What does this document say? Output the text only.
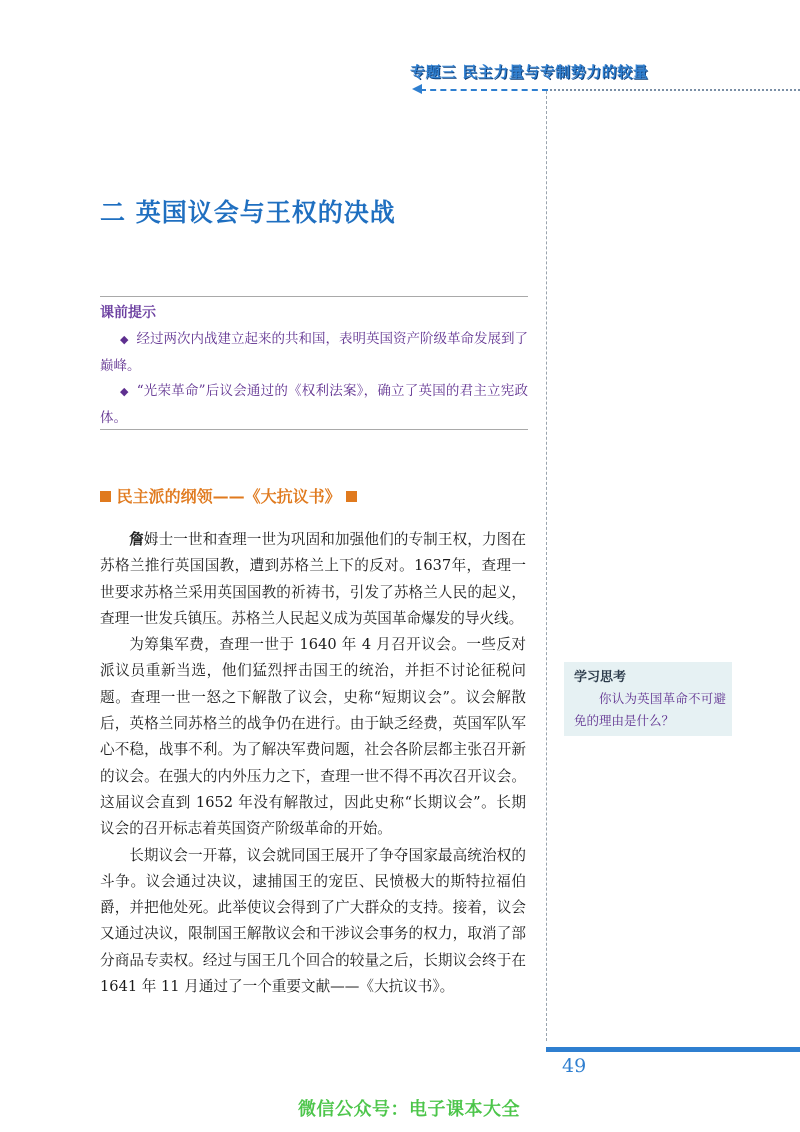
专题三 民主力量与专制势力的较量
二 英国议会与王权的决战
课前提示
◆ 经过两次内战建立起来的共和国，表明英国资产阶级革命发展到了巅峰。
◆ “光荣革命”后议会通过的《权利法案》，确立了英国的君主立宪政体。
民主派的纲领——《大抗议书》

詹姆士一世和查理一世为巩固和加强他们的专制王权，力图在苏格兰推行英国国教，遭到苏格兰上下的反对。1637年，查理一世要求苏格兰采用英国国教的祈祷书，引发了苏格兰人民的起义，查理一世发兵镇压。苏格兰人民起义成为英国革命爆发的导火线。

为筹集军费，查理一世于 1640 年 4 月召开议会。一些反对派议员重新当选，他们猛烈抨击国王的统治，并拒不讨论征税问题。查理一世一怒之下解散了议会，史称“短期议会”。议会解散后，英格兰同苏格兰的战争仍在进行。由于缺乏经费，英国军队军心不稳，战事不利。为了解决军费问题，社会各阶层都主张召开新的议会。在强大的内外压力之下，查理一世不得不再次召开议会。这届议会直到 1652 年没有解散过，因此史称“长期议会”。长期议会的召开标志着英国资产阶级革命的开始。

长期议会一开幕，议会就同国王展开了争夺国家最高统治权的斗争。议会通过决议，逮捕国王的宠臣、民愤极大的斯特拉福伯爵，并把他处死。此举使议会得到了广大群众的支持。接着，议会又通过决议，限制国王解散议会和干涉议会事务的权力，取消了部分商品专卖权。经过与国王几个回合的较量之后，长期议会终于在 1641 年 11 月通过了一个重要文献——《大抗议书》。

学习思考
你认为英国革命不可避免的理由是什么？
49
微信公众号：电子课本大全
